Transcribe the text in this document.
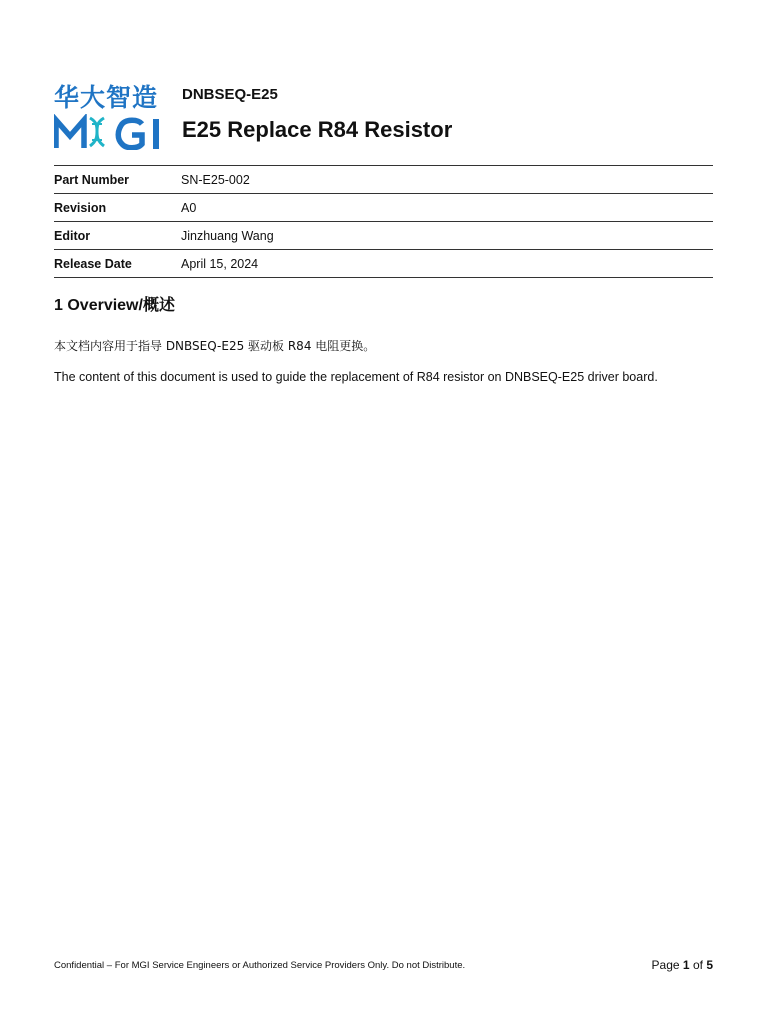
华大智造	DNBSEQ-E25
E25 Replace R84 Resistor
Part Number	SN-E25-002
Revision	A0
Editor	Jinzhuang Wang
Release Date	April 15, 2024
1 Overview/概述

本文档内容用于指导 DNBSEQ-E25 驱动板 R84 电阻更换。

The content of this document is used to guide the replacement of R84 resistor on DNBSEQ-E25 driver board.

Confidential – For MGI Service Engineers or Authorized Service Providers Only. Do not Distribute.	Page 1 of 5
